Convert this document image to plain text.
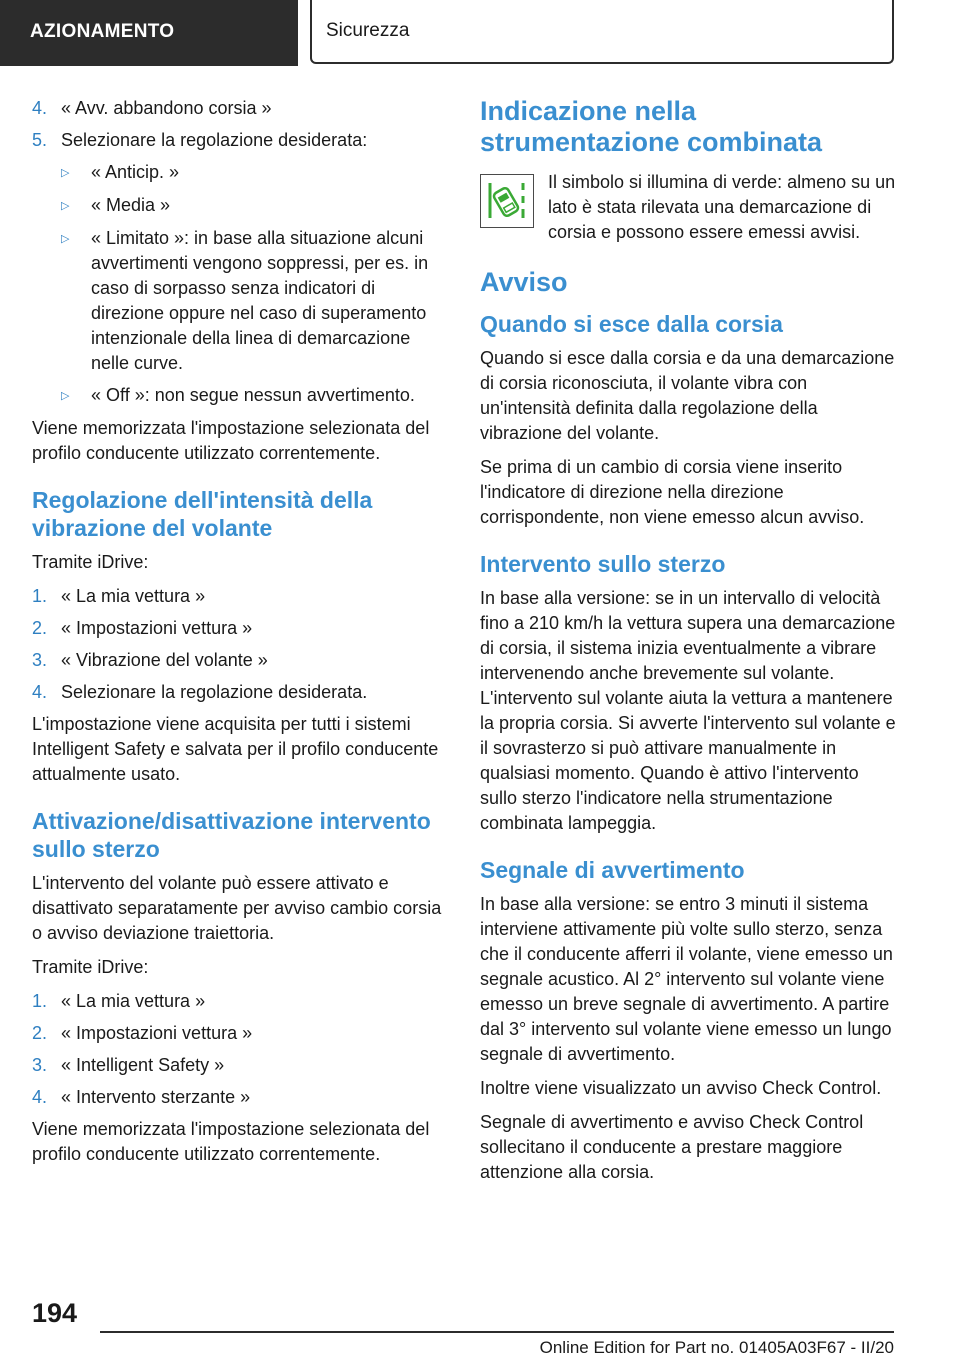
AZIONAMENTO	Sicurezza
4. « Avv. abbandono corsia »
5. Selezionare la regolazione desiderata:
▷	« Anticip. »
▷	« Media »
▷	« Limitato »: in base alla situazione alcuni avvertimenti vengono soppressi, per es. in caso di sorpasso senza indicatori di direzione oppure nel caso di superamento intenzionale della linea di demarcazione nelle curve.
▷	« Off »: non segue nessun avvertimento.

Viene memorizzata l'impostazione selezionata del profilo conducente utilizzato correntemente.

Regolazione dell'intensità della vibrazione del volante

Tramite iDrive:

1. « La mia vettura »
2. « Impostazioni vettura »
3. « Vibrazione del volante »
4. Selezionare la regolazione desiderata.

L'impostazione viene acquisita per tutti i sistemi Intelligent Safety e salvata per il profilo conducente attualmente usato.

Attivazione/disattivazione intervento sullo sterzo

L'intervento del volante può essere attivato e disattivato separatamente per avviso cambio corsia o avviso deviazione traiettoria.

Tramite iDrive:

1. « La mia vettura »
2. « Impostazioni vettura »
3. « Intelligent Safety »
4. « Intervento sterzante »

Viene memorizzata l'impostazione selezionata del profilo conducente utilizzato correntemente.

Indicazione nella strumentazione combinata
Il simbolo si illumina di verde: almeno su un lato è stata rilevata una demarcazione di corsia e possono essere emessi avvisi.
Avviso
Quando si esce dalla corsia

Quando si esce dalla corsia e da una demarcazione di corsia riconosciuta, il volante vibra con un'intensità definita dalla regolazione della vibrazione del volante.

Se prima di un cambio di corsia viene inserito l'indicatore di direzione nella direzione corrispondente, non viene emesso alcun avviso.

Intervento sullo sterzo

In base alla versione: se in un intervallo di velocità fino a 210 km/h la vettura supera una demarcazione di corsia, il sistema inizia eventualmente a vibrare intervenendo anche brevemente sul volante. L'intervento sul volante aiuta la vettura a mantenere la propria corsia. Si avverte l'intervento sul volante e il sovrasterzo si può attivare manualmente in qualsiasi momento. Quando è attivo l'intervento sullo sterzo l'indicatore nella strumentazione combinata lampeggia.

Segnale di avvertimento

In base alla versione: se entro 3 minuti il sistema interviene attivamente più volte sullo sterzo, senza che il conducente afferri il volante, viene emesso un segnale acustico. Al 2° intervento sul volante viene emesso un breve segnale di avvertimento. A partire dal 3° intervento sul volante viene emesso un lungo segnale di avvertimento.

Inoltre viene visualizzato un avviso Check Control.

Segnale di avvertimento e avviso Check Control sollecitano il conducente a prestare maggiore attenzione alla corsia.

194
Online Edition for Part no. 01405A03F67 - II/20
